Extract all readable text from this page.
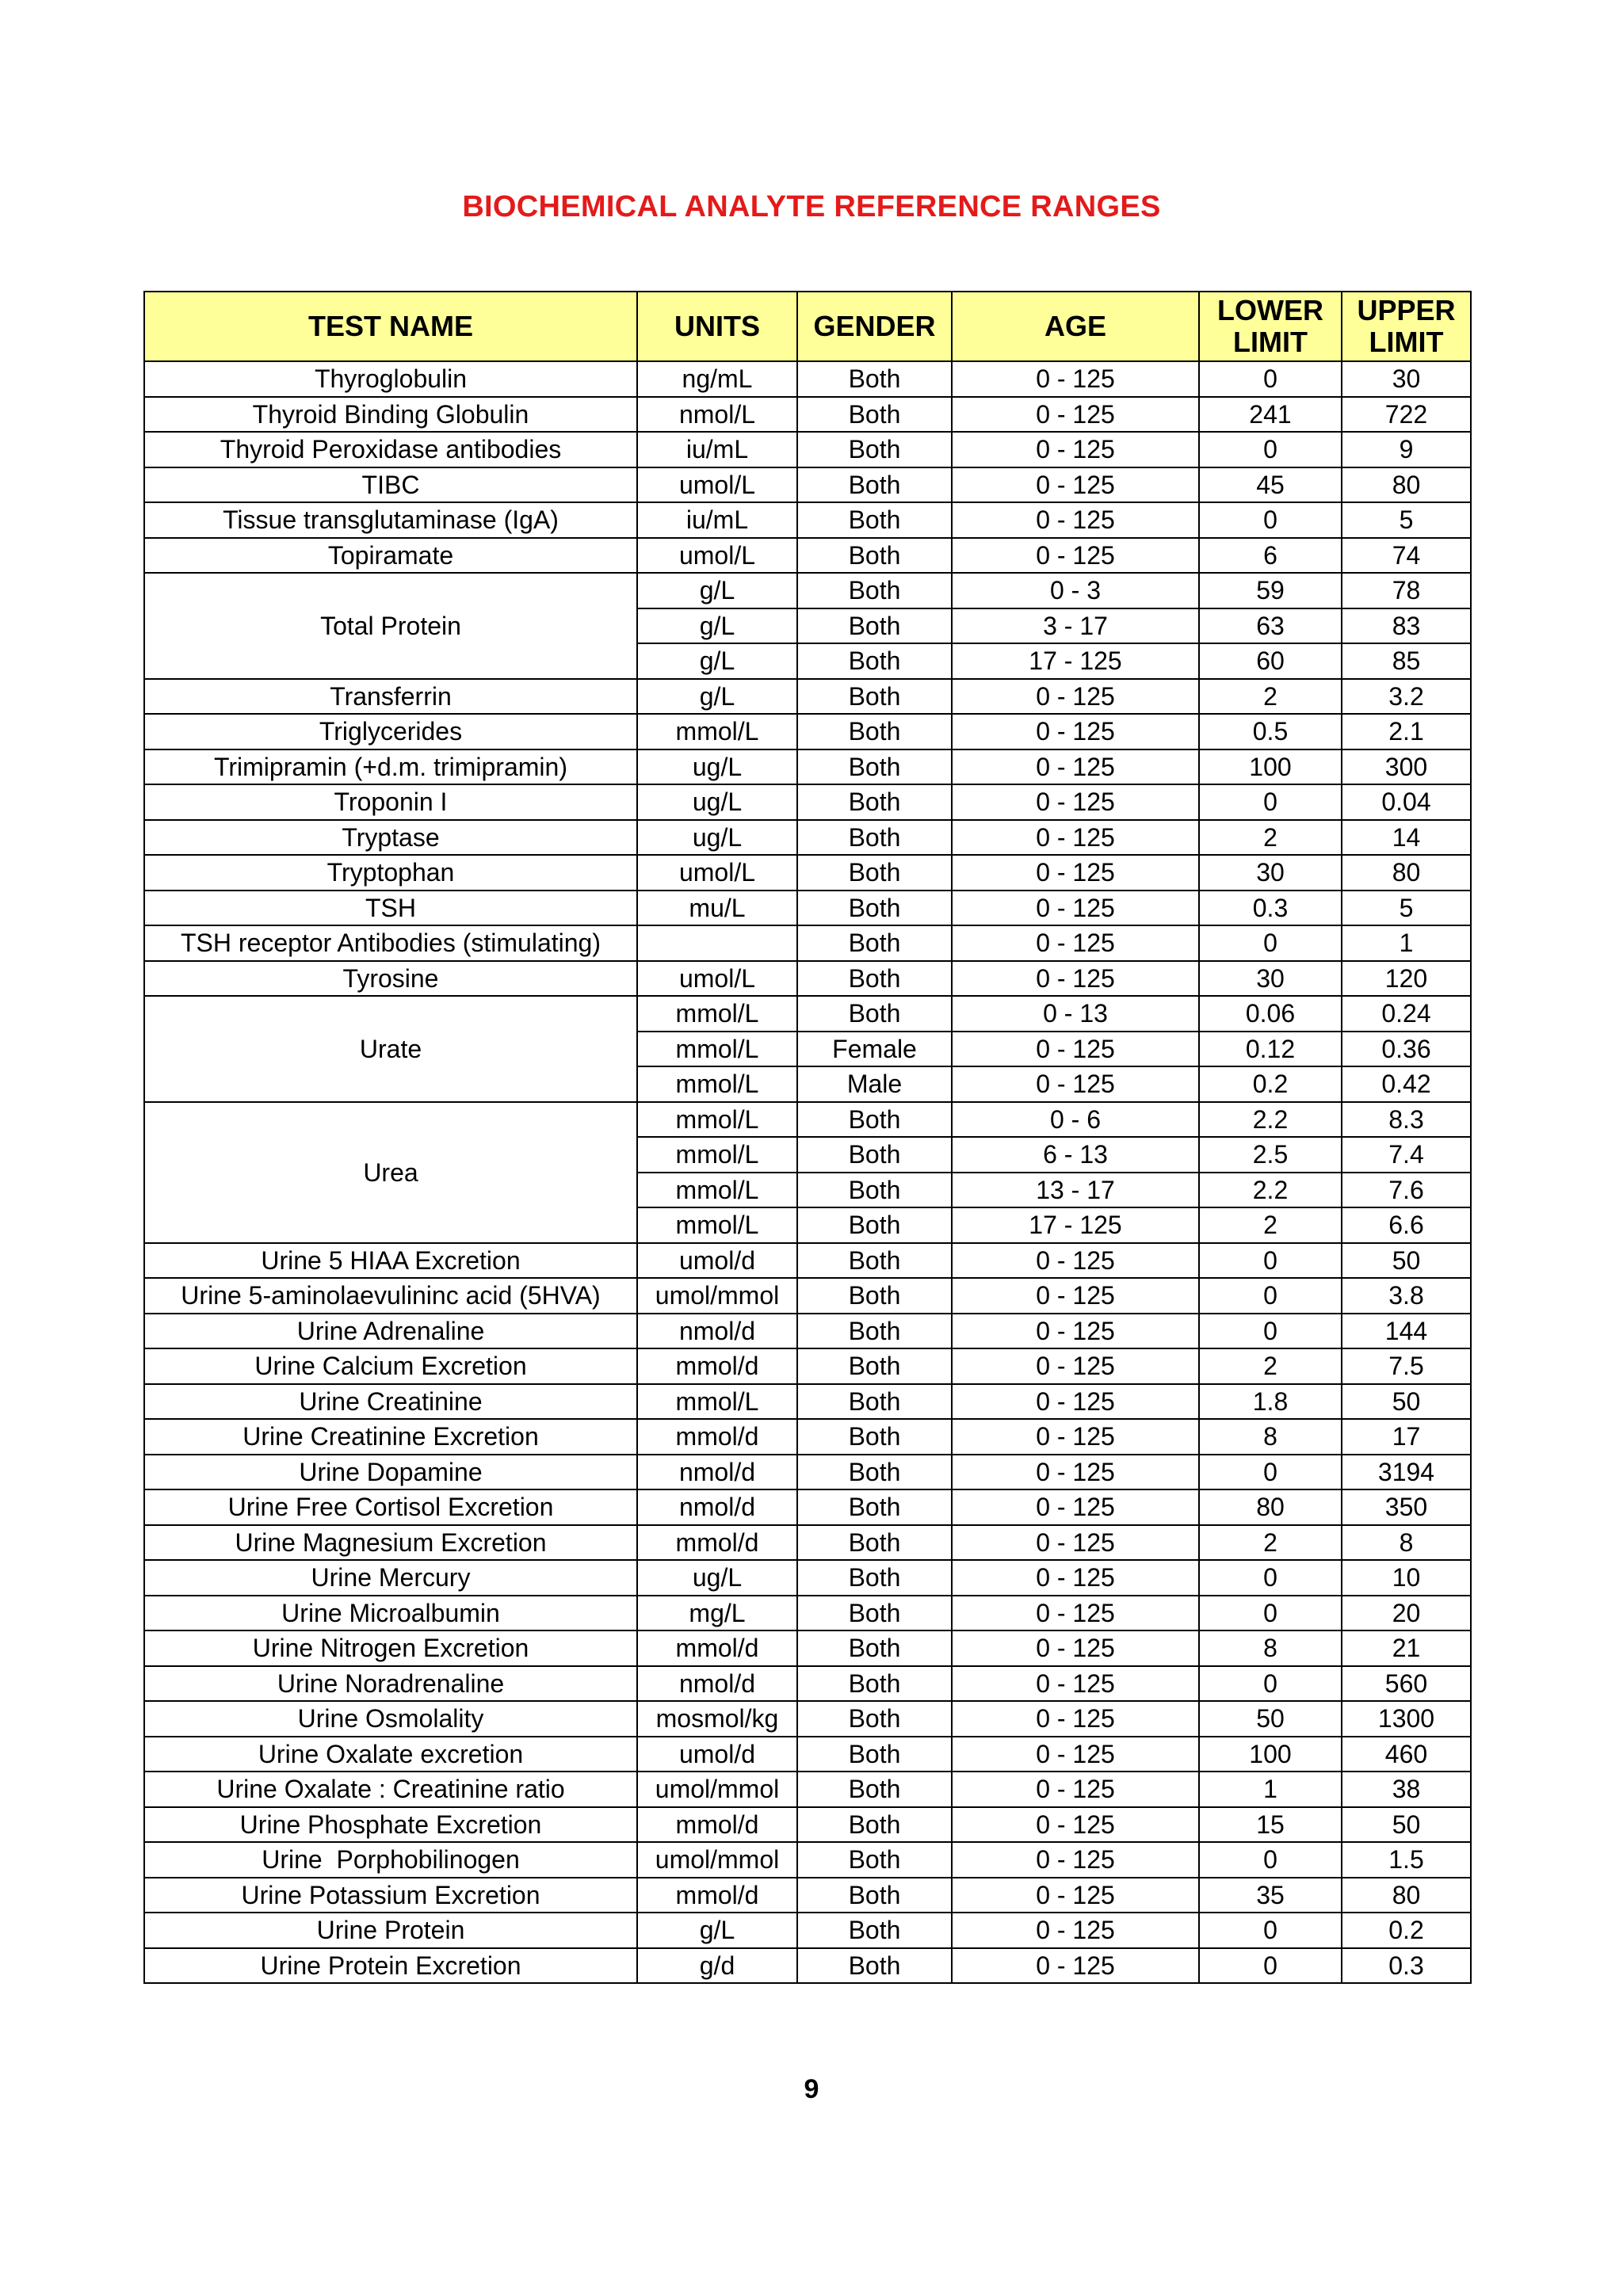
BIOCHEMICAL ANALYTE REFERENCE RANGES
TEST NAME	UNITS	GENDER	AGE	LOWER LIMIT	UPPER LIMIT
Thyroglobulin	ng/mL	Both	0 - 125	0	30
Thyroid Binding Globulin	nmol/L	Both	0 - 125	241	722
Thyroid Peroxidase antibodies	iu/mL	Both	0 - 125	0	9
TIBC	umol/L	Both	0 - 125	45	80
Tissue transglutaminase (IgA)	iu/mL	Both	0 - 125	0	5
Topiramate	umol/L	Both	0 - 125	6	74
Total Protein	g/L	Both	0 - 3	59	78
	g/L	Both	3 - 17	63	83
	g/L	Both	17 - 125	60	85
Transferrin	g/L	Both	0 - 125	2	3.2
Triglycerides	mmol/L	Both	0 - 125	0.5	2.1
Trimipramin (+d.m. trimipramin)	ug/L	Both	0 - 125	100	300
Troponin I	ug/L	Both	0 - 125	0	0.04
Tryptase	ug/L	Both	0 - 125	2	14
Tryptophan	umol/L	Both	0 - 125	30	80
TSH	mu/L	Both	0 - 125	0.3	5
TSH receptor Antibodies (stimulating)		Both	0 - 125	0	1
Tyrosine	umol/L	Both	0 - 125	30	120
Urate	mmol/L	Both	0 - 13	0.06	0.24
	mmol/L	Female	0 - 125	0.12	0.36
	mmol/L	Male	0 - 125	0.2	0.42
Urea	mmol/L	Both	0 - 6	2.2	8.3
	mmol/L	Both	6 - 13	2.5	7.4
	mmol/L	Both	13 - 17	2.2	7.6
	mmol/L	Both	17 - 125	2	6.6
Urine 5 HIAA Excretion	umol/d	Both	0 - 125	0	50
Urine 5-aminolaevulininc acid (5HVA)	umol/mmol	Both	0 - 125	0	3.8
Urine Adrenaline	nmol/d	Both	0 - 125	0	144
Urine Calcium Excretion	mmol/d	Both	0 - 125	2	7.5
Urine Creatinine	mmol/L	Both	0 - 125	1.8	50
Urine Creatinine Excretion	mmol/d	Both	0 - 125	8	17
Urine Dopamine	nmol/d	Both	0 - 125	0	3194
Urine Free Cortisol Excretion	nmol/d	Both	0 - 125	80	350
Urine Magnesium Excretion	mmol/d	Both	0 - 125	2	8
Urine Mercury	ug/L	Both	0 - 125	0	10
Urine Microalbumin	mg/L	Both	0 - 125	0	20
Urine Nitrogen Excretion	mmol/d	Both	0 - 125	8	21
Urine Noradrenaline	nmol/d	Both	0 - 125	0	560
Urine Osmolality	mosmol/kg	Both	0 - 125	50	1300
Urine Oxalate excretion	umol/d	Both	0 - 125	100	460
Urine Oxalate : Creatinine ratio	umol/mmol	Both	0 - 125	1	38
Urine Phosphate Excretion	mmol/d	Both	0 - 125	15	50
Urine  Porphobilinogen	umol/mmol	Both	0 - 125	0	1.5
Urine Potassium Excretion	mmol/d	Both	0 - 125	35	80
Urine Protein	g/L	Both	0 - 125	0	0.2
Urine Protein Excretion	g/d	Both	0 - 125	0	0.3
9
